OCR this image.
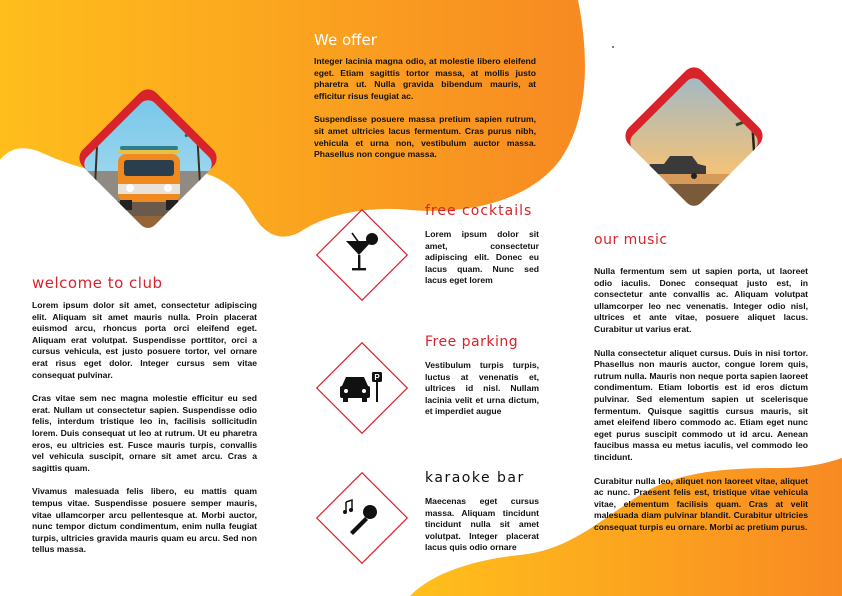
welcome to club

Lorem ipsum dolor sit amet, consectetur adipiscing elit. Aliquam sit amet mauris nulla. Proin placerat euismod arcu, rhoncus porta orci eleifend eget. Aliquam erat volutpat. Suspendisse porttitor, orci a cursus vehicula, est justo posuere tortor, vel ornare erat risus eget dolor. Integer cursus sem vitae consequat pulvinar.

Cras vitae sem nec magna molestie efficitur eu sed erat. Nullam ut consectetur sapien. Suspendisse odio felis, interdum tristique leo in, facilisis sollicitudin lorem. Duis consequat ut leo at rutrum. Ut eu pharetra eros, eu ultricies est. Fusce mauris turpis, convallis vel vehicula suscipit, ornare sit amet arcu. Cras a sagittis quam.

Vivamus malesuada felis libero, eu mattis quam tempus vitae. Suspendisse posuere semper mauris, vitae ullamcorper arcu pellentesque at. Morbi auctor, nunc tempor dictum condimentum, enim nulla feugiat turpis, ultricies gravida mauris quam eu arcu. Sed non tellus massa.

We offer

Integer lacinia magna odio, at molestie libero eleifend eget. Etiam sagittis tortor massa, at mollis justo pharetra ut. Nulla gravida bibendum mauris, at efficitur risus feugiat ac.

Suspendisse posuere massa pretium sapien rutrum, sit amet ultricies lacus fermentum. Cras purus nibh, vehicula et urna non, vestibulum auctor massa. Phasellus non congue massa.

P
free cocktails
Lorem ipsum dolor sit amet, consectetur adipiscing elit. Donec eu lacus quam. Nunc sed lacus eget lorem
Free parking
Vestibulum turpis turpis, luctus at venenatis et, ultrices id nisl. Nullam lacinia velit et urna dictum, et imperdiet augue
karaoke bar
Maecenas eget cursus massa. Aliquam tincidunt tincidunt nulla sit amet volutpat. Integer placerat lacus quis odio ornare
our music

Nulla fermentum sem ut sapien porta, ut laoreet odio iaculis. Donec consequat justo est, in consectetur ante convallis ac. Aliquam volutpat ullamcorper leo nec venenatis. Integer odio nisl, ultrices et ante vitae, posuere aliquet lacus. Curabitur ut varius erat.

Nulla consectetur aliquet cursus. Duis in nisi tortor. Phasellus non mauris auctor, congue lorem quis, rutrum nulla. Mauris non neque porta sapien laoreet condimentum. Etiam lobortis est id eros dictum pulvinar. Sed elementum sapien ut scelerisque fermentum. Quisque sagittis cursus mauris, sit amet eleifend libero commodo ac. Etiam eget nunc eget purus suscipit commodo ut id arcu. Aenean faucibus massa eu metus iaculis, vel commodo leo tincidunt.

Curabitur nulla leo, aliquet non laoreet vitae, aliquet ac nunc. Praesent felis est, tristique vitae vehicula vitae, elementum facilisis quam. Cras at velit malesuada diam pulvinar blandit. Curabitur ultricies consequat turpis eu ornare. Morbi ac pretium purus.
